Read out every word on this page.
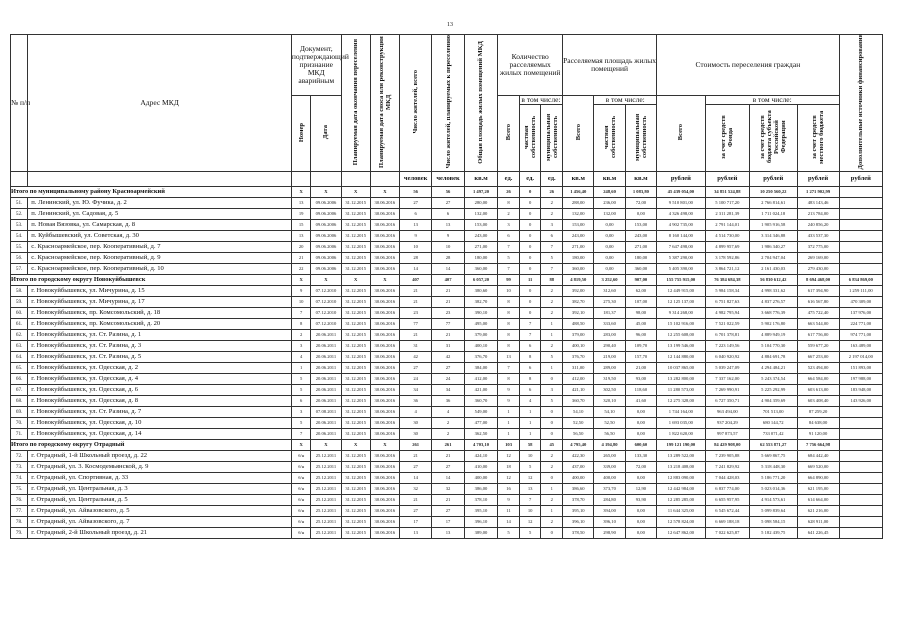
13
№ п/п	Адрес МКД	Документ, подтверждающий признание МКД аварийным		Планируемая дата окончания переселения	Планируемая дата сноса или реконструкции МКД	Число жителей, всего	Число жителей, планируемых к переселению	Общая площадь жилых помещений МКД	Количество расселяемых жилых помещений			Расселяемая площадь жилых помещений			Стоимость переселения граждан				Дополнительные источники финансирования
		Номер	Дата						Всего	в том числе:		Всего	в том числе:		Всего	в том числе:			
										частная собственность	муниципальная собственность		частная собственность	муниципальная собственность		за счет средств Фонда	за счет средств бюджета субъекта Российской Федерации	за счет средств местного бюджета	
						человек	человек	кв.м	ед.	ед.	ед.	кв.м	кв.м	кв.м	рублей	рублей	рублей	рублей	рублей
Итого по муниципальному району Красноармейский		Х	Х	Х	Х	56	56	1 497,20	26	0	26	1 456,40	248,60	1 083,80	45 439 054,00	34 851 524,88	10 250 560,22	1 271 902,99	
51.	п. Ленинский, ул. Ю. Фучика, д. 2	13	09.06.2006	31.12.2015	30.06.2016	27	27	280,00	8	0	2	288,00	236,00	72,00	9 510 801,00	5 100 717,20	2 766 814,61	483 143,46	
52.	п. Ленинский, ул. Садовая, д. 5	19	09.06.2006	31.12.2015	30.06.2016	6	6	132,00	2	0	2	132,00	132,00	0,00	4 326 498,00	2 311 281,39	1 711 024,18	213 784,00	
53.	п. Новая Вязовка, ул. Самарская, д. 8	15	09.06.2006	31.12.2015	30.06.2016	13	13	153,00	3	0	3	153,00	0,00	153,00	4 902 735,00	2 791 144,01	1 905 916,58	240 856,20	
54.	п. Куйбышевский, ул. Советская, д. 30	13	09.06.2006	31.12.2015	30.06.2016	9	9	243,00	6	0	6	243,00	0,00	243,00	8 160 144,00	4 514 730,00	3 314 346,88	433 537,30	
55.	с. Красноармейское, пер. Кооперативный, д. 7	20	09.06.2006	31.12.2015	30.06.2016	10	10	271,00	7	0	7	271,00	0,00	271,00	7 647 498,00	4 899 957,69	1 986 340,27	372 775,00	
56.	с. Красноармейское, пер. Кооперативный, д. 9	21	09.06.2006	31.12.2015	30.06.2016	28	28	180,00	5	0	5	180,00	0,00	180,00	5 387 290,00	3 178 592,86	2 704 947,04	269 169,00	
57.	с. Красноармейское, пер. Кооперативный, д. 10	22	09.06.2006	31.12.2015	30.06.2016	14	14	360,00	7	0	7	360,00	0,00	360,00	5 405 390,00	3 864 721,12	2 161 430,03	279 430,00	
Итого по городскому округу Новокуйбышевск		Х	Х	Х	Х	407	407	6 057,20	99	11	88	4 819,50	3 252,60	907,00	155 755 915,00	76 384 684,38	56 830 612,42	8 694 468,00	6 834 869,00
58.	г. Новокуйбышевск, ул. Мичурина, д. 15	9	07.12.2010	31.12.2015	30.06.2016	21	21	380,60	10	0	2	392,00	312,60	62,00	12 449 915,00	5 984 158,34	4 998 331,62	617 394,90	1 259 111,00
59.	г. Новокуйбышевск, ул. Мичурина, д. 17	10	07.12.2010	31.12.2015	30.06.2016	21	21	382,70	8	0	2	382,70	275,30	107,00	12 125 137,00	6 751 827,63	4 837 276,57	616 567,80	470 309,00
60.	г. Новокуйбышевск, пр. Комсомольский, д. 18	7	07.12.2010	31.12.2015	30.06.2016	23	23	390,10	8	0	2	392,10	181,37	98,00	9 314 268,00	4 982 795,94	3 668 776,39	475 722,40	137 976,00
61.	г. Новокуйбышевск, пр. Комсомольский, д. 20	8	07.12.2010	31.12.2015	30.06.2016	77	77	495,00	8	7	1	488,50	333,60	45,00	15 102 916,00	7 521 022,59	5 902 176,80	663 544,00	224 771,00
62.	г. Новокуйбышевск, ул. Ст. Разина, д. 1	2	20.06.2011	31.12.2015	30.06.2016	21	21	379,00	8	7	1	379,00	283,00	96,00	12 255 608,00	6 701 378,81	4 889 949,19	617 756,00	974 771,00
63.	г. Новокуйбышевск, ул. Ст. Разина, д. 3	3	20.06.2011	31.12.2015	30.06.2016	31	31	400,10	8	6	2	400,10	290,40	109,70	13 199 546,00	7 223 149,56	5 104 770,30	559 677,20	163 489,00
64.	г. Новокуйбышевск, ул. Ст. Разина, д. 5	4	20.06.2011	31.12.2015	30.06.2016	42	42	376,70	13	8	5	376,70	219,00	157,70	12 144 880,00	6 040 920,92	4 884 691,78	667 253,00	2 197 014,00
65.	г. Новокуйбышевск, ул. Одесская, д. 2	1	20.06.2011	31.12.2015	30.06.2016	27	27	384,00	7	6	1	311,00	289,00	21,00	10 037 865,00	5 039 247,09	4 294 484,21	523 494,00	151 893,00
66.	г. Новокуйбышевск, ул. Одесская, д. 4	5	20.06.2011	31.12.2015	30.06.2016	24	24	412,00	8	8	0	412,00	319,50	93,00	13 282 800,00	7 337 162,00	5 243 374,54	664 584,00	197 988,00
67.	г. Новокуйбышевск, ул. Одесская, д. 6	5	20.06.2011	31.12.2015	30.06.2016	34	34	421,00	9	6	3	421,10	302,50	118,60	11 280 573,00	7 269 990,91	5 225 292,99	603 613,00	183 948,00
68.	г. Новокуйбышевск, ул. Одесская, д. 8	6	20.06.2011	31.12.2015	30.06.2016	36	36	360,70	9	4	5	360,70	320,10	41,60	12 275 328,00	6 727 350,71	4 904 359,69	603 408,40	143 926,00
69.	г. Новокуйбышевск, ул. Ст. Разина, д. 7	3	07.08.2011	31.12.2015	30.06.2016	4	4	549,00	1	1	0	54,10	54,10	0,00	1 744 164,00	963 494,00	701 513,00	87 259,20	
70.	г. Новокуйбышевск, ул. Одесская, д. 10	5	20.06.2011	31.12.2015	30.06.2016	30	2	477,00	1	1	0	52,50	52,50	0,00	1 693 035,00	937 204,29	680 144,72	84 638,00	
71.	г. Новокуйбышевск, ул. Одесская, д. 14	7	20.06.2011	31.12.2015	30.06.2016	30	2	362,50	1	1	0	56,50	56,50	0,00	1 822 620,00	997 873,57	733 071,42	91 120,00	
Итого по городскому округу Отрадный		Х	Х	Х	Х	261	261	4 703,10	103	58	45	4 795,40	4 194,80	600,60	199 121 190,00	84 429 908,00	62 553 871,27	7 756 664,98	
72.	г. Отрадный, 1-й Школьный проезд, д. 22	б/н	25.12.2011	31.12.2015	30.06.2016	21	21	424,10	12	10	2	422,30	265,00	133,30	13 289 522,00	7 239 905,88	5 669 867,75	684 442,40	
73.	г. Отрадный, ул. 3. Космодемьянской, д. 9	б/н	25.12.2011	31.12.2015	30.06.2016	27	27	410,00	18	5	2	437,00	339,00	72,00	13 218 408,00	7 241 829,92	5 318 448,30	669 520,00	
74.	г. Отрадный, ул. Спортивная, д. 33	б/н	25.12.2011	31.12.2015	30.06.2016	14	14	400,00	12	12	0	400,00	400,00	0,00	12 883 090,00	7 044 428,03	5 186 771,20	664 890,00	
75.	г. Отрадный, ул. Центральная, д. 3	б/н	25.12.2011	31.12.2015	30.06.2016	32	32	386,00	16	13	1	386,60	373,70	12,90	12 442 984,00	6 837 774,00	5 023 014,36	621 195,00	
76.	г. Отрадный, ул. Центральная, д. 5	б/н	25.12.2011	31.12.2015	30.06.2016	21	21	378,10	9	7	2	378,70	284,80	93,90	12 285 285,00	6 655 957,95	4 914 573,61	614 664,00	
77.	г. Отрадный, ул. Айвазовского, д. 5	б/н	25.12.2011	31.12.2015	30.06.2016	27	27	395,10	11	10	1	395,10	394,00	0,00	11 644 325,00	6 545 672,44	5 099 839,64	621 216,00	
78.	г. Отрадный, ул. Айвазовского, д. 7	б/н	25.12.2011	31.12.2015	30.06.2016	17	17	396,10	14	12	2	396,10	396,10	0,00	12 578 824,00	6 669 188,18	5 098 584,15	628 911,00	
79.	г. Отрадный, 2-й Школьный проезд, д. 21	б/н	25.12.2011	31.12.2015	30.06.2016	13	13	389,00	5	5	0	378,50	298,90	0,00	12 647 862,00	7 022 625,87	5 182 439,75	641 226,45	
